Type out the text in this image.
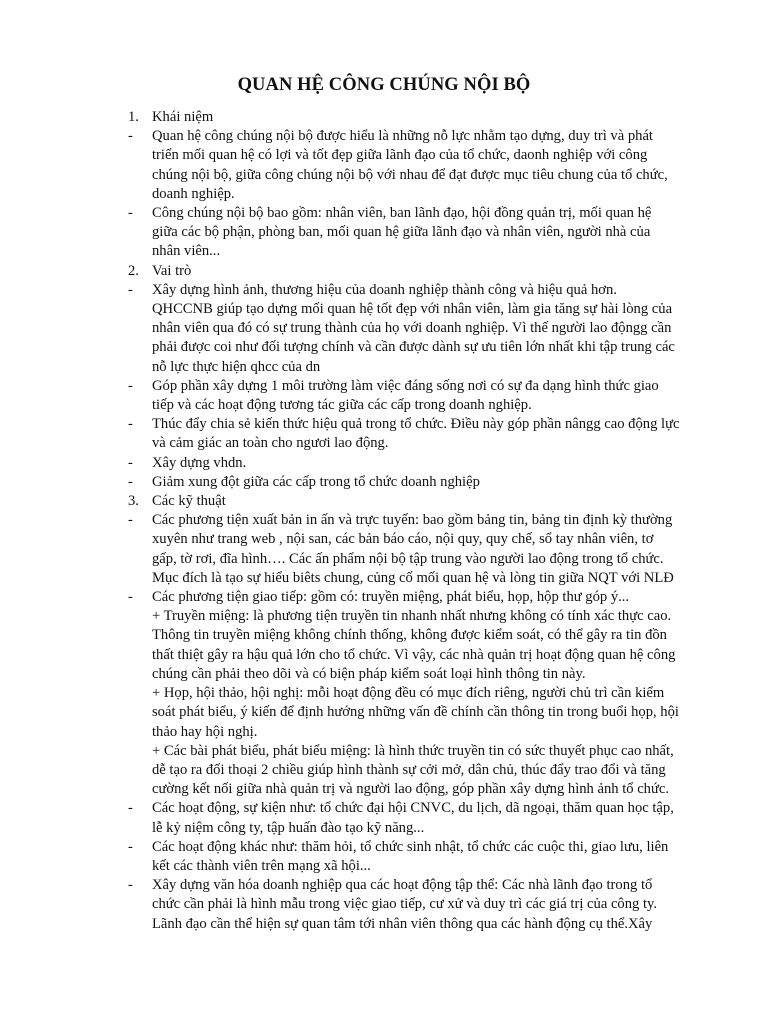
QUAN HỆ CÔNG CHÚNG NỘI BỘ
1. Khái niệm
-	Quan hệ công chúng nội bộ được hiểu là những nỗ lực nhằm tạo dựng, duy trì và phát
triển mối quan hệ có lợi và tốt đẹp giữa lãnh đạo của tổ chức, daonh nghiệp với công
chúng nội bộ, giữa công chúng nội bộ với nhau để đạt được mục tiêu chung của tổ chức,
doanh nghiệp.
-	Công chúng nội bộ bao gồm: nhân viên, ban lãnh đạo, hội đồng quản trị, mối quan hệ
giữa các bộ phận, phòng ban, mối quan hệ giữa lãnh đạo và nhân viên, người nhà của
nhân viên...
2. Vai trò
-	Xây dựng hình ảnh, thương hiệu của doanh nghiệp thành công và hiệu quả hơn.
QHCCNB giúp tạo dựng mối quan hệ tốt đẹp với nhân viên, làm gia tăng sự hài lòng của
nhân viên qua đó có sự trung thành của họ với doanh nghiệp. Vì thế người lao độngg cần
phải được coi như đối tượng chính và cần được dành sự ưu tiên lớn nhất khi tập trung các
nỗ lực thực hiện qhcc của dn
-	Góp phần xây dựng 1 môi trường làm việc đáng sống nơi có sự đa dạng hình thức giao
tiếp và các hoạt động tương tác giữa các cấp trong doanh nghiệp.
-	Thúc đẩy chia sẻ kiến thức hiệu quả trong tổ chức. Điều này góp phần nângg cao động lực
và cảm giác an toàn cho ngươi lao động.
-	Xây dựng vhdn.
-	Giảm xung đột giữa các cấp trong tổ chức doanh nghiệp
3. Các kỹ thuật
-	Các phương tiện xuất bản in ấn và trực tuyến: bao gồm bảng tin, bảng tin định kỳ thường
xuyên như trang web , nội san, các bản báo cáo, nội quy, quy chế, sổ tay nhân viên, tơ
gấp, tờ rơi, đĩa hình…. Các ấn phẩm nội bộ tập trung vào người lao động trong tổ chức.
Mục đích là tạo sự hiểu biêts chung, củng cố mối quan hệ và lòng tin giữa NQT với NLĐ
-	Các phương tiện giao tiếp: gồm có: truyền miệng, phát biểu, họp, hộp thư góp ý...
+ Truyền miệng: là phương tiện truyền tin nhanh nhất nhưng không có tính xác thực cao.
Thông tin truyền miệng không chính thống, không được kiểm soát, có thể gây ra tin đồn
thất thiệt gây ra hậu quả lớn cho tổ chức. Vì vậy, các nhà quản trị hoạt động quan hệ công
chúng cần phải theo dõi và có biện pháp kiểm soát loại hình thông tin này.
+ Họp, hội thảo, hội nghị: mỗi hoạt động đều có mục đích riêng, người chủ trì cần kiểm
soát phát biểu, ý kiến để định hướng những vấn đề chính cần thông tin trong buổi họp, hội
thảo hay hội nghị.
+ Các bài phát biểu, phát biểu miệng: là hình thức truyền tin có sức thuyết phục cao nhất,
dễ tạo ra đối thoại 2 chiều giúp hình thành sự cởi mở, dân chủ, thúc đẩy trao đổi và tăng
cường kết nối giữa nhà quản trị và người lao động, góp phần xây dựng hình ảnh tổ chức.
-	Các hoạt động, sự kiện như: tổ chức đại hội CNVC, du lịch, dã ngoại, thăm quan học tập,
lễ kỷ niệm công ty, tập huấn đào tạo kỹ năng...
-	Các hoạt động khác như: thăm hỏi, tổ chức sinh nhật, tổ chức các cuộc thi, giao lưu, liên
kết các thành viên trên mạng xã hội...
-	Xây dựng văn hóa doanh nghiệp qua các hoạt động tập thể: Các nhà lãnh đạo trong tổ
chức cần phải là hình mẫu trong việc giao tiếp, cư xử và duy trì các giá trị của công ty.
Lãnh đạo cần thể hiện sự quan tâm tới nhân viên thông qua các hành động cụ thể.Xây
